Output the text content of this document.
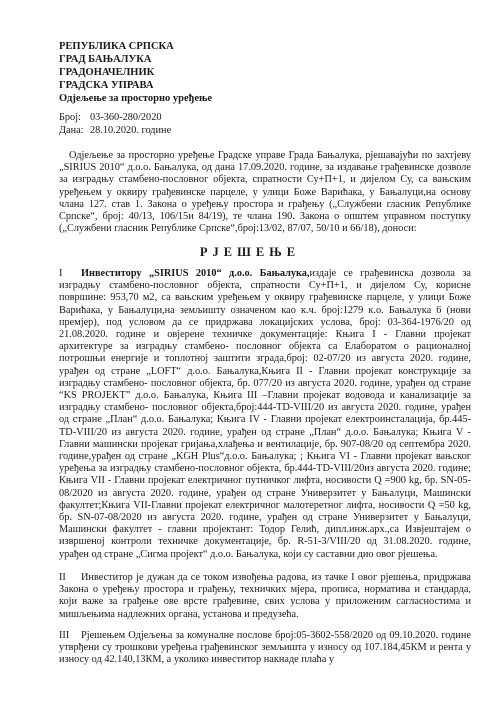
РЕПУБЛИКА СРПСКА
ГРАД БАЊАЛУКА
ГРАДОНАЧЕЛНИК
ГРАДСКА УПРАВА
Одјељење за просторно уређење
Број: 03-360-280/2020
Дана: 28.10.2020. године
Одјељење за просторно уређење Градске управе Града Бањалука, рјешавајући по захтјеву „SIRIUS 2010“ д.о.о. Бањалука, од дана 17.09.2020. године, за издавање грађевинске дозволе за изградњу стамбено-пословног објекта, спратности Су+П+1, и дијелом Су, са вањским уређењем у оквиру грађевинске парцеле, у улици Боже Варићака, у Бањалуци,на основу члана 127. став 1. Закона о уређењу простора и грађењу („Службени гласник Републике Српске“, број: 40/13, 106/15и 84/19), те члана 190. Закона о општем управном поступку („Службени гласник Републике Српске“,број:13/02, 87/07, 50/10 и 66/18), доноси:
РЈЕШЕЊЕ
I Инвеститору „SIRIUS 2010“ д.о.о. Бањалука,издаје се грађевинска дозвола за изградњу стамбено-пословног објекта, спратности Су+П+1, и дијелом Су, корисне површине: 953,70 м2, са вањским уређењем у оквиру грађевинске парцеле, у улици Боже Варићака, у Бањалуци,на земљишту означеном као к.ч. број:1279 к.о. Бањалука 6 (нови премјер), под условом да се придржава локацијских услова, број: 03-364-1976/20 од 21.08.2020. године и овјерене техничке документације: Књига I - Главни пројекат архитектуре за изградњу стамбено- пословног објекта са Елаборатом о рационалној потрошњи енергије и топлотној заштити зграда,број: 02-07/20 из августа 2020. године, урађен од стране „LOFT“ д.о.о. Бањалука,Књига II - Главни пројекат конструкције за изградњу стамбено- пословног објекта, бр. 077/20 из августа 2020. године, урађен од стране “KS PROJEKT” д.о.о. Бањалука, Књига III –Главни пројекат водовода и канализације за изградњу стамбено- пословног објекта,број:444-TD-VIII/20 из августа 2020. године, урађен од стране „План“ д.о.о. Бањалука; Књига IV - Главни пројекат електроинсталација, бр.445-TD-VIII/20 из августа 2020. године, урађен од стране „План“ д.о.о. Бањалука; Књига V - Главни машински пројекат гријања,хлађења и вентилације, бр. 907-08/20 од септембра 2020. године,урађен од стране „KGH Plus“д.о.о. Бањалука; ; Књига VI - Главни пројекат вањског уређења за изградњу стамбено-пословног објекта, бр.444-TD-VIII/20из августа 2020. године; Књига VII - Главни пројекат електричног путничког лифта, носивости Q =900 kg, бр. SN-05-08/2020 из августа 2020. године, урађен од стране Универзитет у Бањалуци, Машински факултет;Књига VII-Главни пројекат електричног малотеретног лифта, носивости Q =50 kg, бр. SN-07-08/2020 из августа 2020. године, урађен од стране Универзитет у Бањалуци, Машински факултет - главни пројектант: Тодор Гелић, дипл.инж.арх.,са Извјештајем о извршеној контроли техничке документације, бр. R-51-3/VIII/20 од 31.08.2020. године, урађен од стране „Сигма пројект“ д.о.о. Бањалука, који су саставни дио овог рјешења.
II Инвеститор је дужан да се током извођења радова, из тачке I овог рјешења, придржава Закона о уређењу простора и грађењу, техничких мјера, прописа, норматива и стандарда, који важе за грађење ове врсте грађевине, свих услова у приложеним сагласностима и мишљењима надлежних органа, установа и предузећа.
III Рјешењем Одјељења за комуналне послове број:05-3602-558/2020 од 09.10.2020. године утврђени су трошкови уређења грађевинског земљишта у износу од 107.184,45КМ и рента у износу од 42.140,13КМ, а уколико инвеститор накнаде плаћа у
